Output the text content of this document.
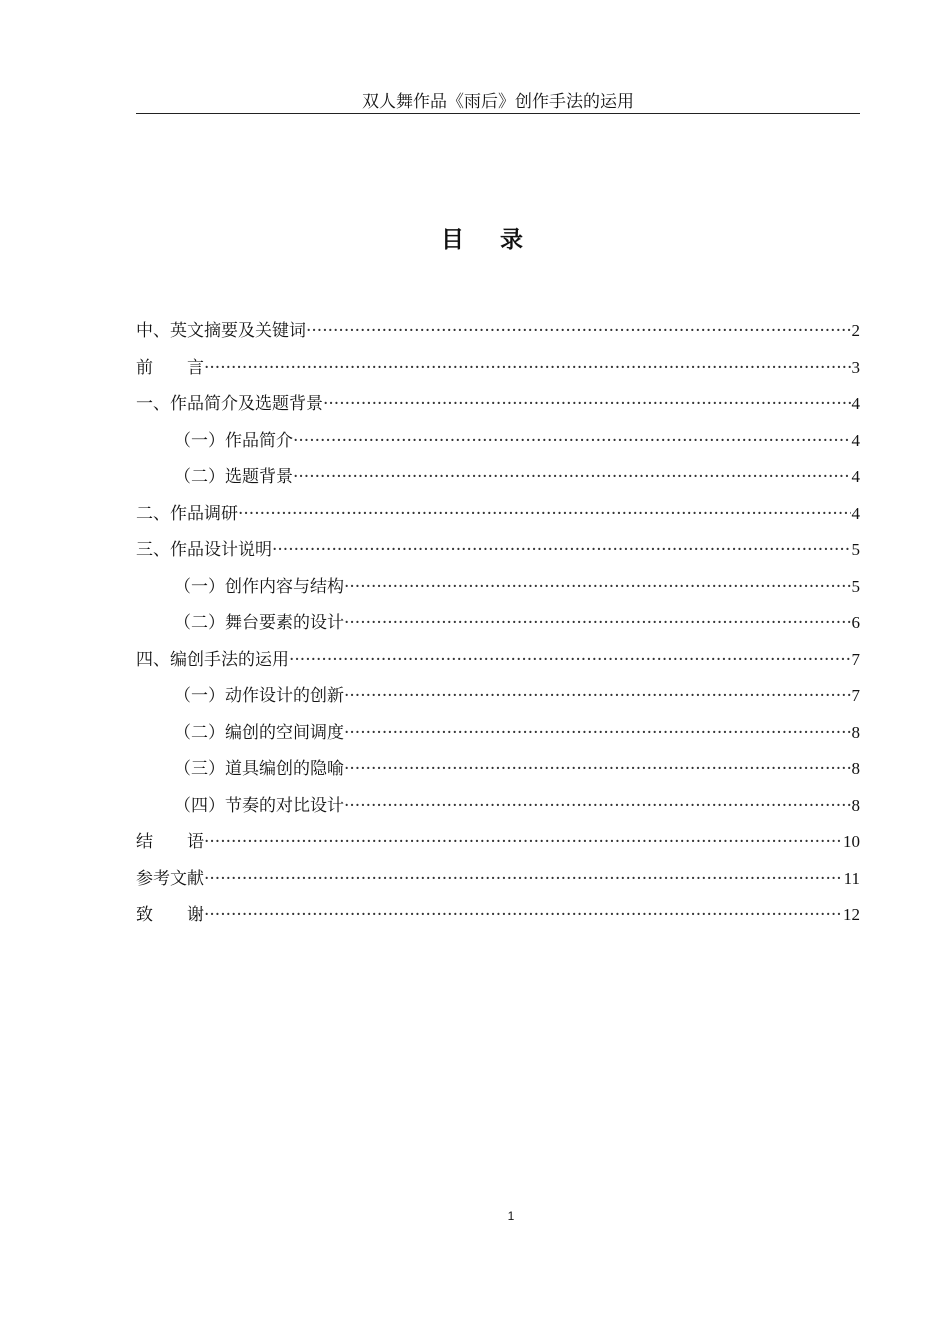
双人舞作品《雨后》创作手法的运用
目录
中、英文摘要及关键词 ·····	2
前言 ·····	3
一、作品简介及选题背景 ·····	4
（一）作品简介 ·····	4
（二）选题背景 ·····	4
二、作品调研 ·····	4
三、作品设计说明 ·····	5
（一）创作内容与结构 ·····	5
（二）舞台要素的设计 ·····	6
四、编创手法的运用 ·····	7
（一）动作设计的创新 ·····	7
（二）编创的空间调度 ·····	8
（三）道具编创的隐喻 ·····	8
（四）节奏的对比设计 ·····	8
结语 ·····	10
参考文献 ·····	11
致谢 ·····	12
1
